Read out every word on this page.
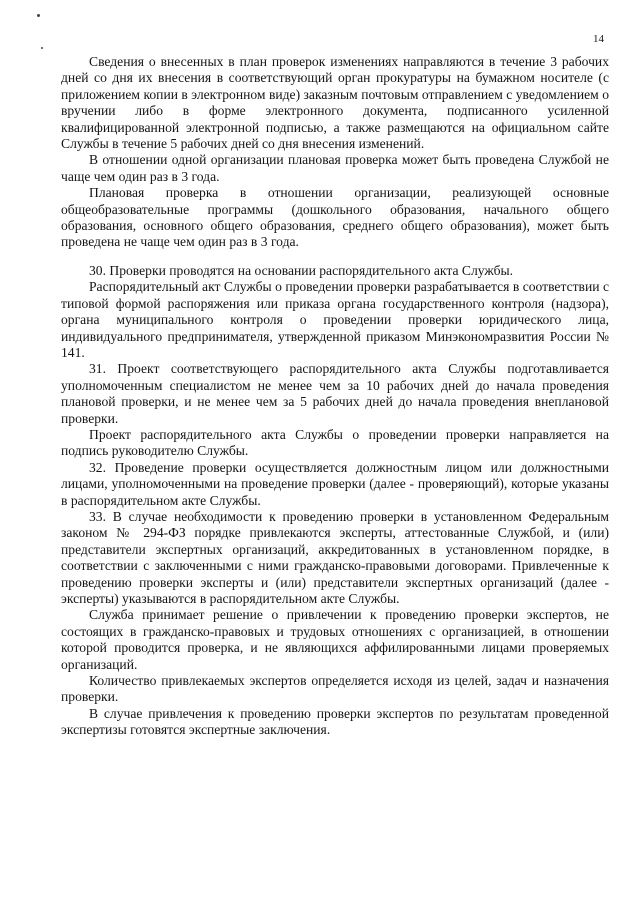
14

Сведения о внесенных в план проверок изменениях направляются в течение 3 рабочих дней со дня их внесения в соответствующий орган прокуратуры на бумажном носителе (с приложением копии в электронном виде) заказным почтовым отправлением с уведомлением о вручении либо в форме электронного документа, подписанного усиленной квалифицированной электронной подписью, а также размещаются на официальном сайте Службы в течение 5 рабочих дней со дня внесения изменений.

В отношении одной организации плановая проверка может быть проведена Службой не чаще чем один раз в 3 года.

Плановая проверка в отношении организации, реализующей основные общеобразовательные программы (дошкольного образования, начального общего образования, основного общего образования, среднего общего образования), может быть проведена не чаще чем один раз в 3 года.

30. Проверки проводятся на основании распорядительного акта Службы.

Распорядительный акт Службы о проведении проверки разрабатывается в соответствии с типовой формой распоряжения или приказа органа государственного контроля (надзора), органа муниципального контроля о проведении проверки юридического лица, индивидуального предпринимателя, утвержденной приказом Минэкономразвития России № 141.

31. Проект соответствующего распорядительного акта Службы подготавливается уполномоченным специалистом не менее чем за 10 рабочих дней до начала проведения плановой проверки, и не менее чем за 5 рабочих дней до начала проведения внеплановой проверки.

Проект распорядительного акта Службы о проведении проверки направляется на подпись руководителю Службы.

32. Проведение проверки осуществляется должностным лицом или должностными лицами, уполномоченными на проведение проверки (далее - проверяющий), которые указаны в распорядительном акте Службы.

33. В случае необходимости к проведению проверки в установленном Федеральным законом № 294-ФЗ порядке привлекаются эксперты, аттестованные Службой, и (или) представители экспертных организаций, аккредитованных в установленном порядке, в соответствии с заключенными с ними гражданско-правовыми договорами. Привлеченные к проведению проверки эксперты и (или) представители экспертных организаций (далее - эксперты) указываются в распорядительном акте Службы.

Служба принимает решение о привлечении к проведению проверки экспертов, не состоящих в гражданско-правовых и трудовых отношениях с организацией, в отношении которой проводится проверка, и не являющихся аффилированными лицами проверяемых организаций.

Количество привлекаемых экспертов определяется исходя из целей, задач и назначения проверки.

В случае привлечения к проведению проверки экспертов по результатам проведенной экспертизы готовятся экспертные заключения.
